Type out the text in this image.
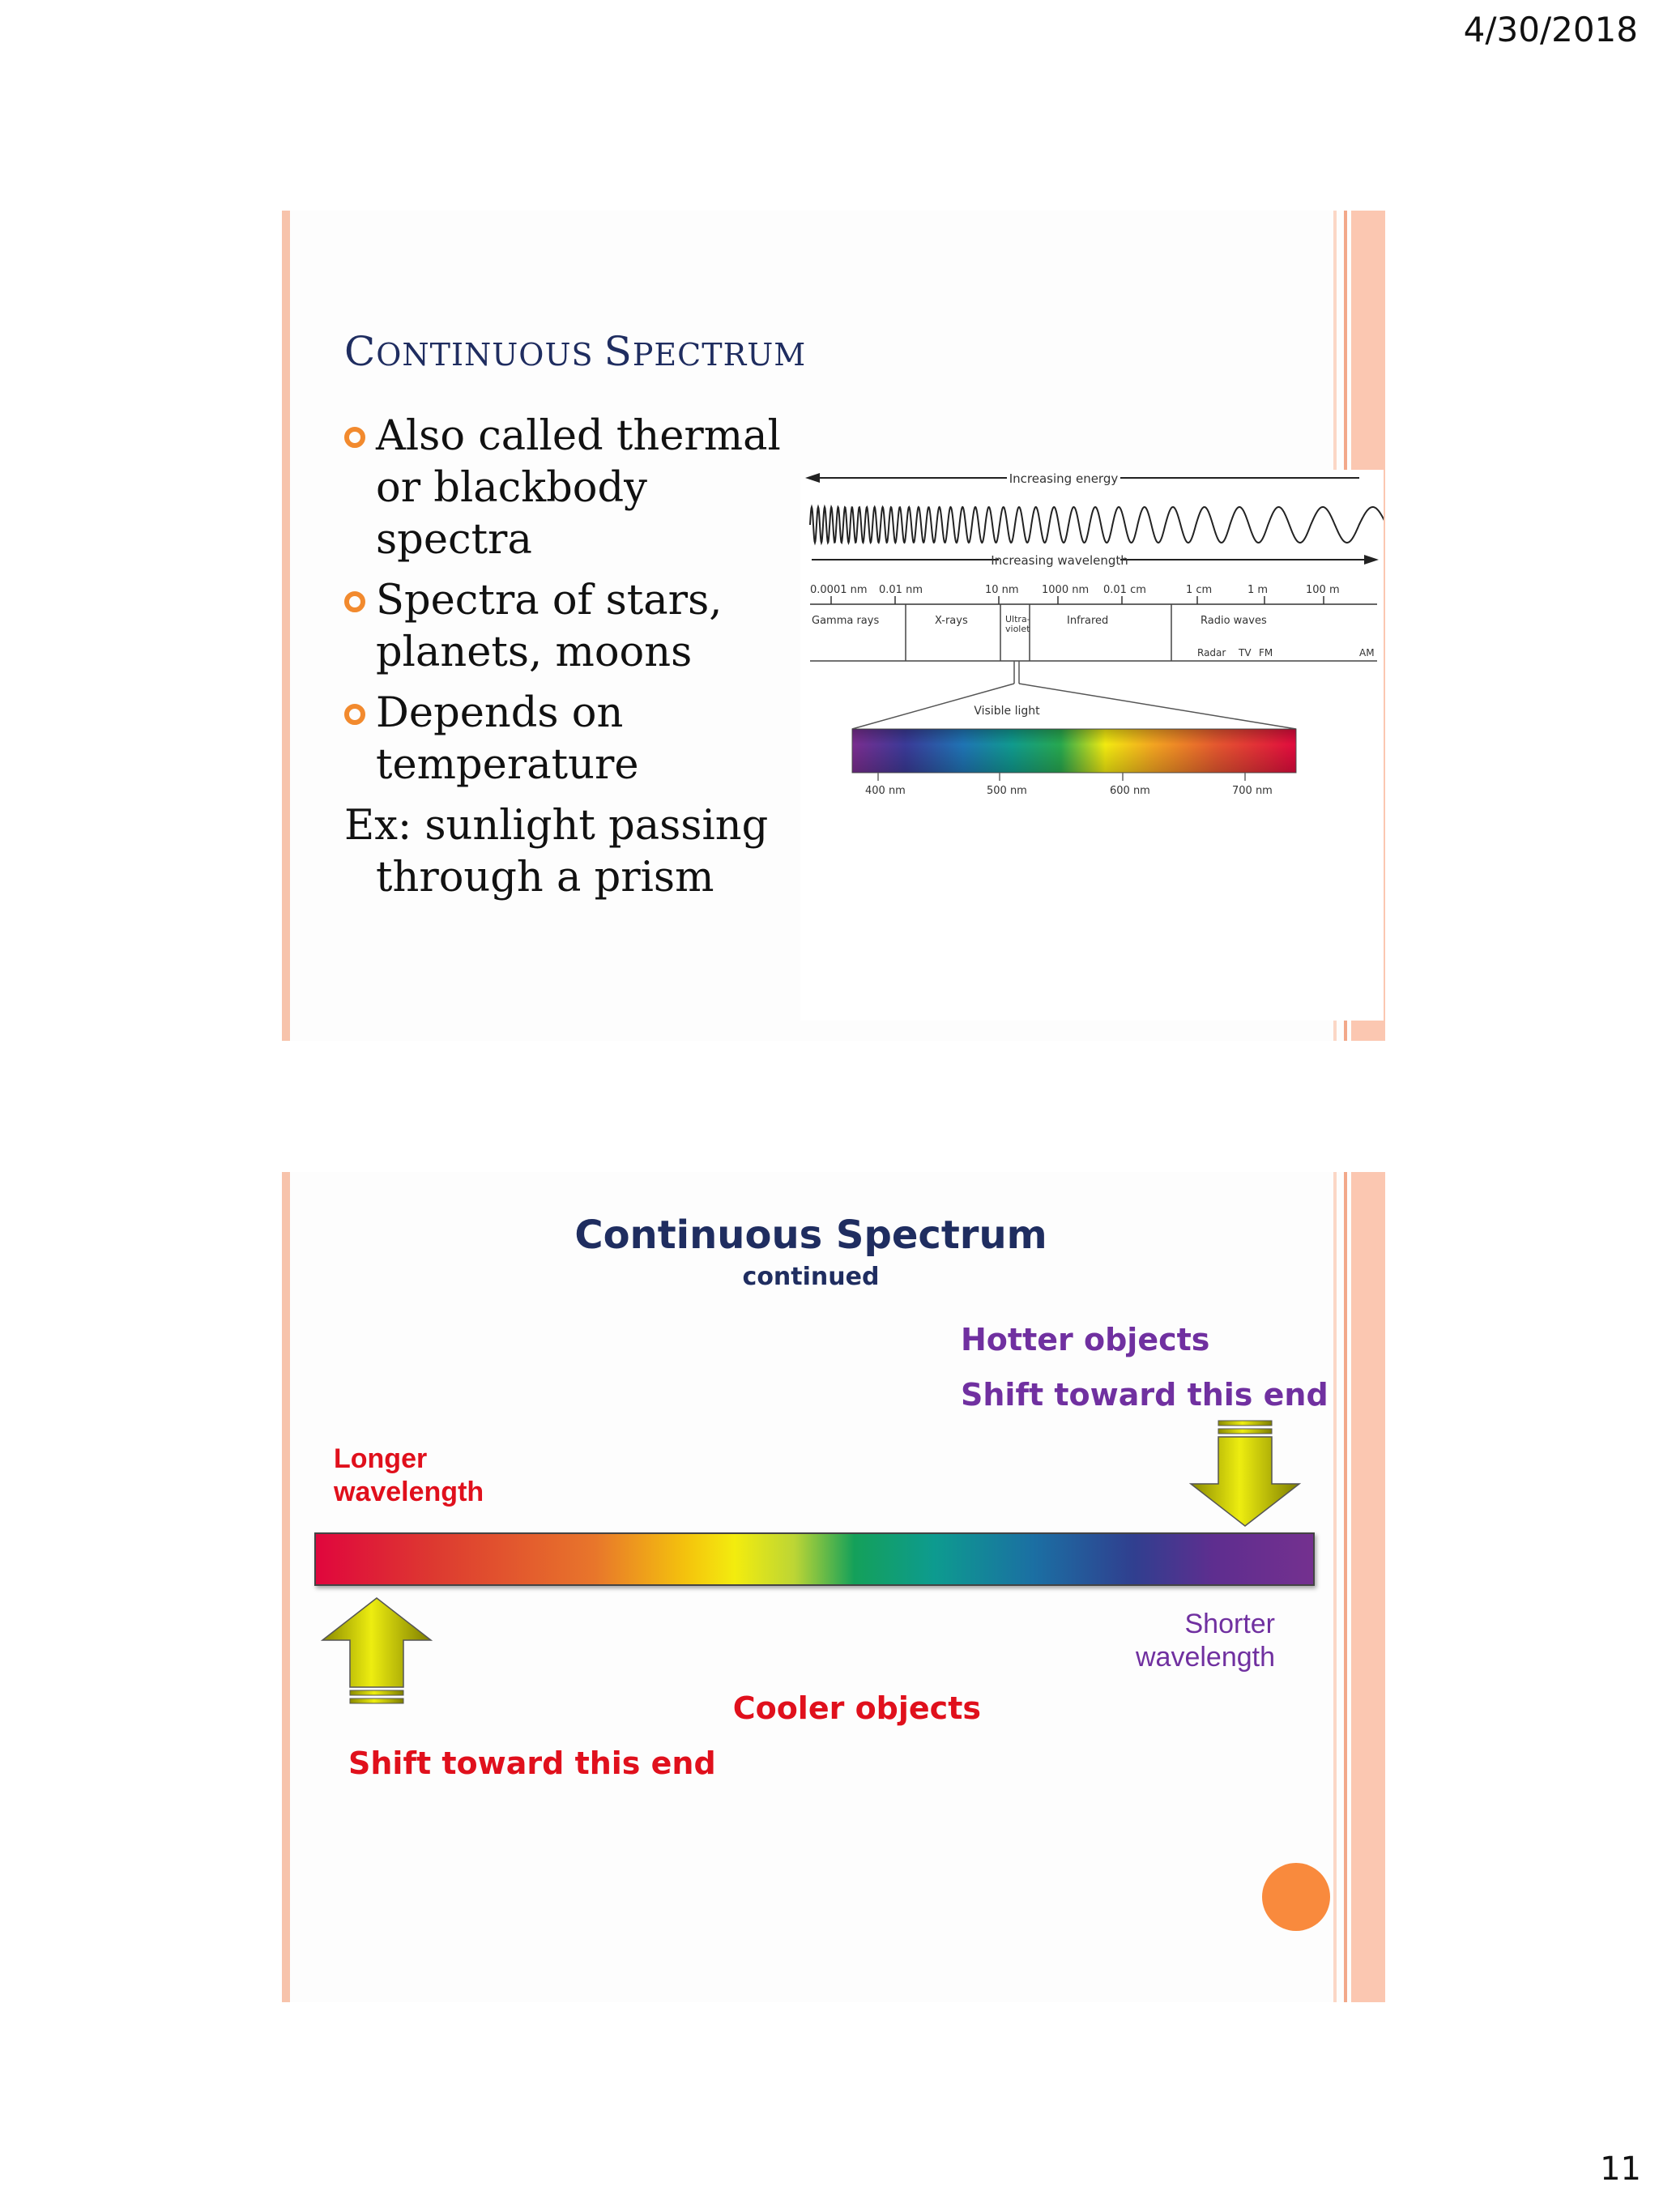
4/30/2018
CONTINUOUS SPECTRUM
Also called thermal or blackbody spectra
Spectra of stars, planets, moons
Depends on temperature
Ex: sunlight passing through a prism
Increasing energy
Increasing wavelength
0.0001 nm 0.01 nm	10 nm 1000 nm 0.01 cm	1 cm	1 m	100 m
Gamma rays	X-rays	Ultra-
violet
Infrared	Radio waves
Radar TV FM	AM
Visible light
400 nm	500 nm	600 nm	700 nm
Continuous Spectrum
continued
Hotter objects
Shift toward this end
Longer
wavelength
Shorter
wavelength
Cooler objects
Shift toward this end
11
